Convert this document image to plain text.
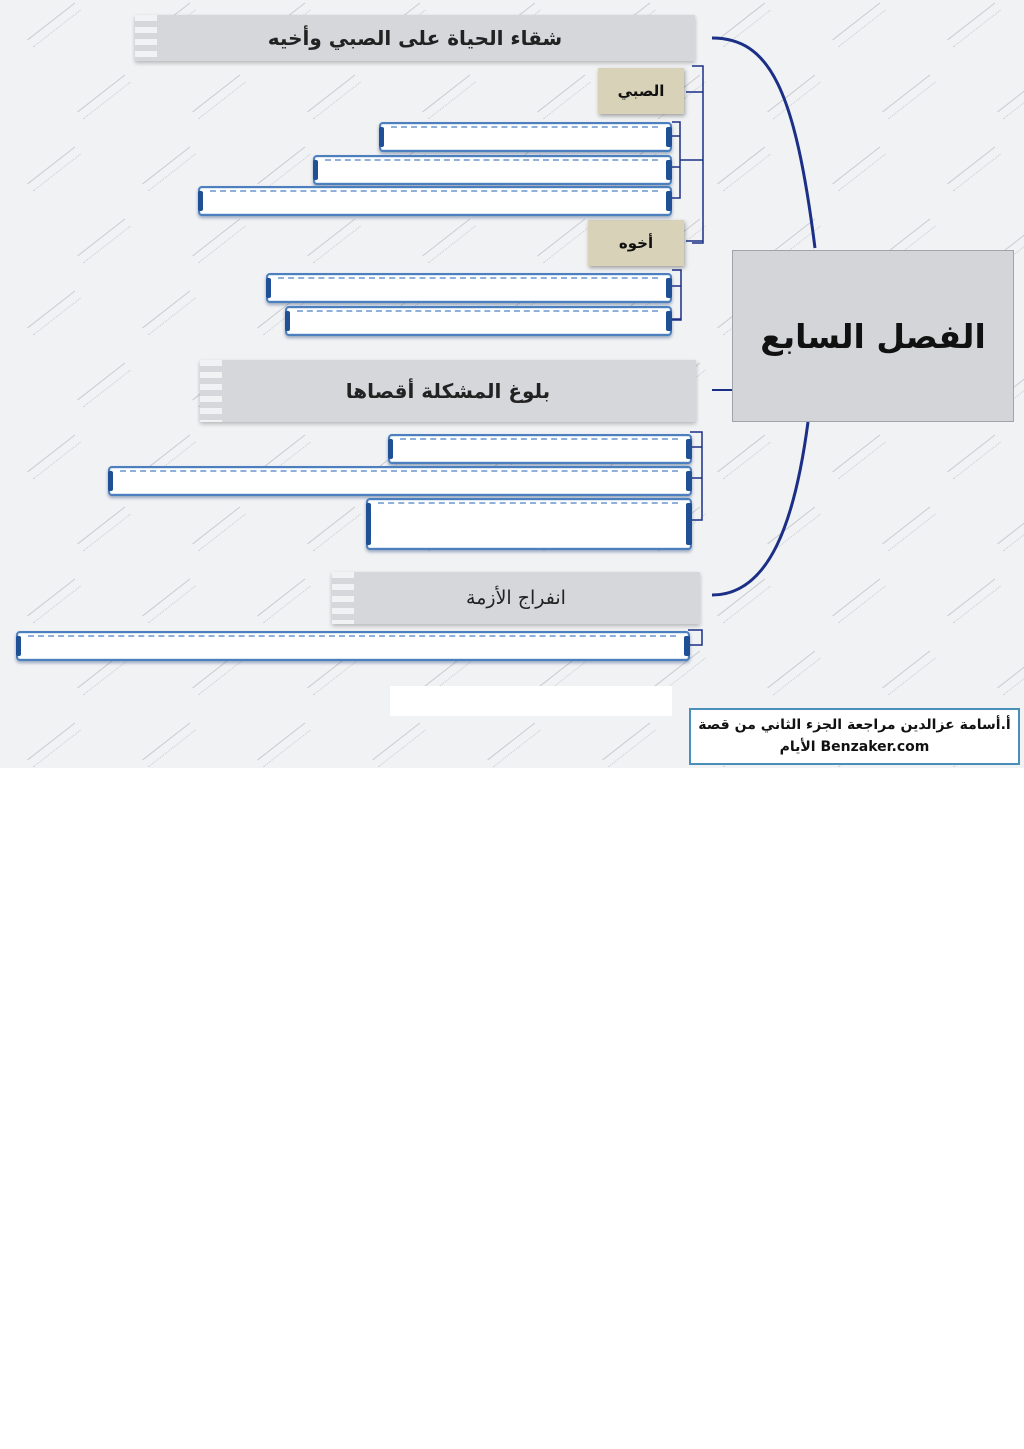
شقاء الحياة على الصبي وأخيه
بلوغ المشكلة أقصاها
انفراج الأزمة
الصبي
أخوه
الفصل السابع
أ.أسامة عزالدين مراجعة الجزء الثاني من قصة
Benzaker.com الأيام
